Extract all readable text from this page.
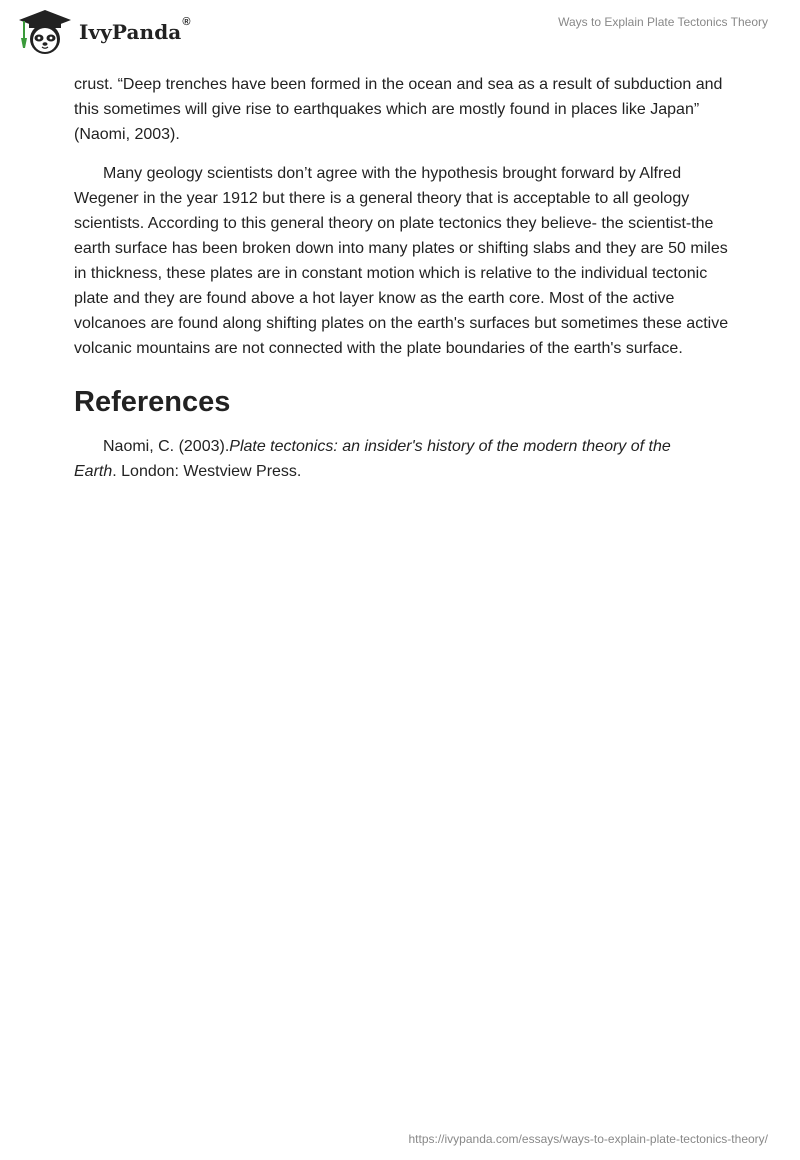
IvyPanda®	Ways to Explain Plate Tectonics Theory

crust. “Deep trenches have been formed in the ocean and sea as a result of subduction and this sometimes will give rise to earthquakes which are mostly found in places like Japan” (Naomi, 2003).

Many geology scientists don’t agree with the hypothesis brought forward by Alfred Wegener in the year 1912 but there is a general theory that is acceptable to all geology scientists. According to this general theory on plate tectonics they believe- the scientist-the earth surface has been broken down into many plates or shifting slabs and they are 50 miles in thickness, these plates are in constant motion which is relative to the individual tectonic plate and they are found above a hot layer know as the earth core. Most of the active volcanoes are found along shifting plates on the earth's surfaces but sometimes these active volcanic mountains are not connected with the plate boundaries of the earth's surface.

References

Naomi, C. (2003).Plate tectonics: an insider's history of the modern theory of the Earth. London: Westview Press.

https://ivypanda.com/essays/ways-to-explain-plate-tectonics-theory/
